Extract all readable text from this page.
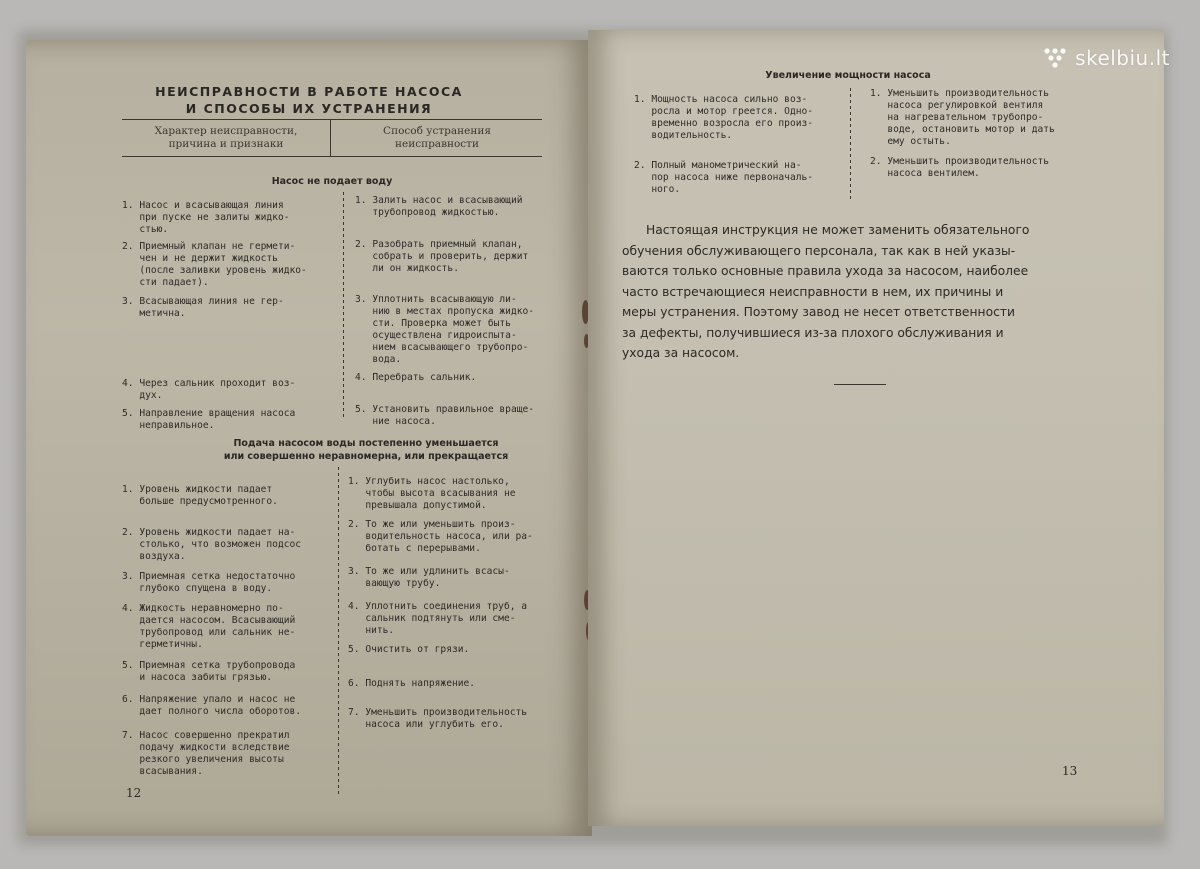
НЕИСПРАВНОСТИ В РАБОТЕ НАСОСА
И СПОСОБЫ ИХ УСТРАНЕНИЯ
Характер неисправности,
причина и признаки
Способ устранения
неисправности
Насос не подает воду
1. Насос и всасывающая линия
при пуске не залиты жидко-
стью.
2. Приемный клапан не гермети-
чен и не держит жидкость
(после заливки уровень жидко-
сти падает).
3. Всасывающая линия не гер-
метична.
4. Через сальник проходит воз-
дух.
5. Направление вращения насоса
неправильное.
1. Залить насос и всасывающий
трубопровод жидкостью.
2. Разобрать приемный клапан,
собрать и проверить, держит
ли он жидкость.
3. Уплотнить всасывающую ли-
нию в местах пропуска жидко-
сти. Проверка может быть
осуществлена гидроиспыта-
нием всасывающего трубопро-
вода.
4. Перебрать сальник.
5. Установить правильное враще-
ние насоса.
Подача насосом воды постепенно уменьшается
или совершенно неравномерна, или прекращается
1. Уровень жидкости падает
больше предусмотренного.
2. Уровень жидкости падает на-
столько, что возможен подсос
воздуха.
3. Приемная сетка недостаточно
глубоко спущена в воду.
4. Жидкость неравномерно по-
дается насосом. Всасывающий
трубопровод или сальник не-
герметичны.
5. Приемная сетка трубопровода
и насоса забиты грязью.
6. Напряжение упало и насос не
дает полного числа оборотов.
7. Насос совершенно прекратил
подачу жидкости вследствие
резкого увеличения высоты
всасывания.
1. Углубить насос настолько,
чтобы высота всасывания не
превышала допустимой.
2. То же или уменьшить произ-
водительность насоса, или ра-
ботать с перерывами.
3. То же или удлинить всасы-
вающую трубу.
4. Уплотнить соединения труб, а
сальник подтянуть или сме-
нить.
5. Очистить от грязи.
6. Поднять напряжение.
7. Уменьшить производительность
насоса или углубить его.
12
Увеличение мощности насоса
1. Мощность насоса сильно воз-
росла и мотор греется. Одно-
временно возросла его произ-
водительность.
2. Полный манометрический на-
пор насоса ниже первоначаль-
ного.
1. Уменьшить производительность
насоса регулировкой вентиля
на нагревательном трубопро-
воде, остановить мотор и дать
ему остыть.
2. Уменьшить производительность
насоса вентилем.
Настоящая инструкция не может заменить обязательного
обучения обслуживающего персонала, так как в ней указы-
ваются только основные правила ухода за насосом, наиболее
часто встречающиеся неисправности в нем, их причины и
меры устранения. Поэтому завод не несет ответственности
за дефекты, получившиеся из-за плохого обслуживания и
ухода за насосом.
13
skelbiu.lt
